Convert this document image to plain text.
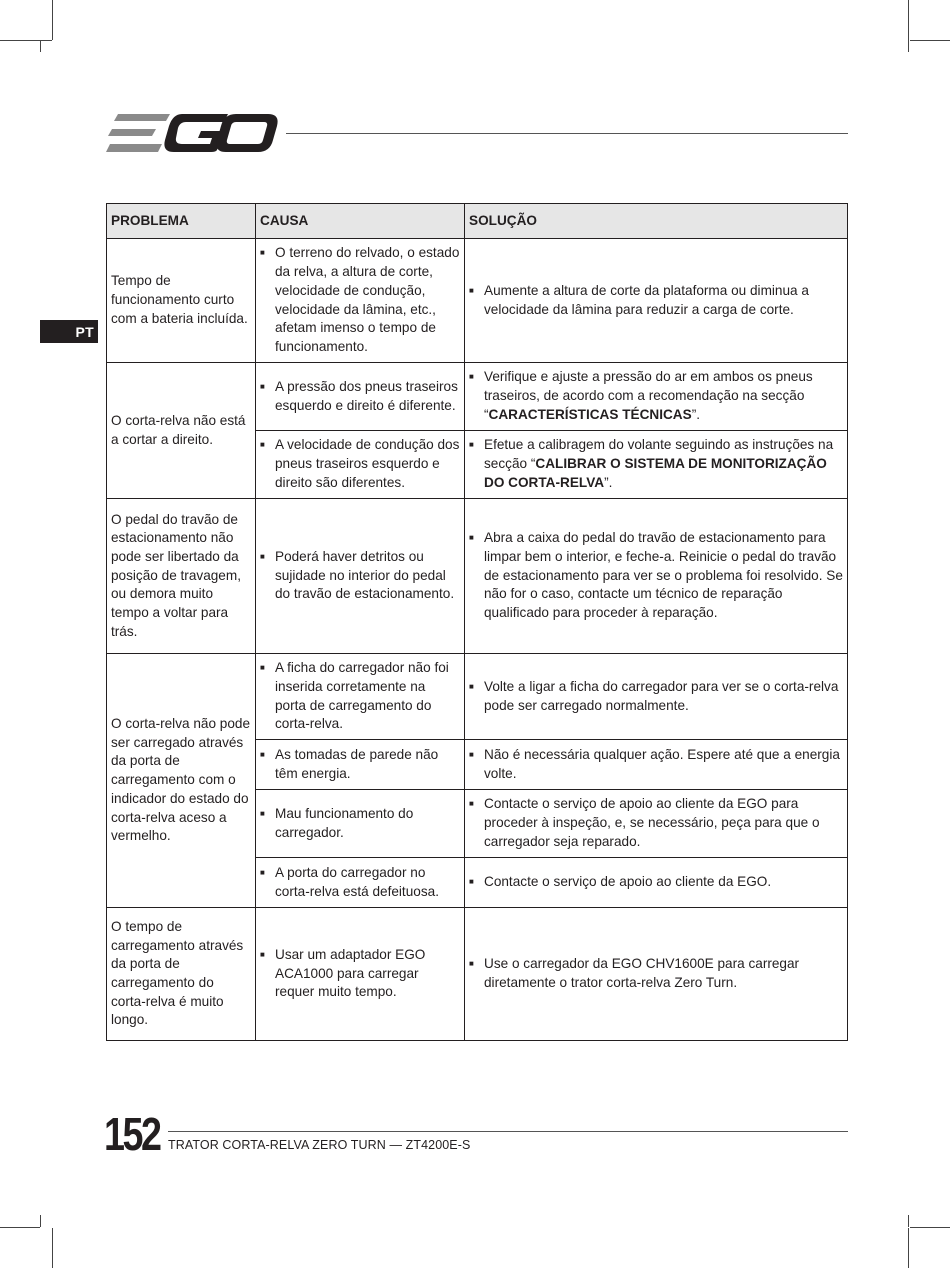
PT
PROBLEMA	CAUSA	SOLUÇÃO
Tempo de funcionamento curto com a bateria incluída.	■ O terreno do relvado, o estado da relva, a altura de corte, velocidade de condução, velocidade da lâmina, etc., afetam imenso o tempo de funcionamento.	■ Aumente a altura de corte da plataforma ou diminua a velocidade da lâmina para reduzir a carga de corte.

O corta-relva não está a cortar a direito.	■ A pressão dos pneus traseiros esquerdo e direito é diferente.	■ Verifique e ajuste a pressão do ar em ambos os pneus traseiros, de acordo com a recomendação na secção “CARACTERÍSTICAS TÉCNICAS”.

	■ A velocidade de condução dos pneus traseiros esquerdo e direito são diferentes.	■ Efetue a calibragem do volante seguindo as instruções na secção “CALIBRAR O SISTEMA DE MONITORIZAÇÃO DO CORTA-RELVA”.

O pedal do travão de estacionamento não pode ser libertado da posição de travagem, ou demora muito tempo a voltar para trás.	■ Poderá haver detritos ou sujidade no interior do pedal do travão de estacionamento.	■ Abra a caixa do pedal do travão de estacionamento para limpar bem o interior, e feche-a. Reinicie o pedal do travão de estacionamento para ver se o problema foi resolvido. Se não for o caso, contacte um técnico de reparação qualificado para proceder à reparação.

O corta-relva não pode ser carregado através da porta de carregamento com o indicador do estado do corta-relva aceso a vermelho.	■ A ficha do carregador não foi inserida corretamente na porta de carregamento do corta-relva.	■ Volte a ligar a ficha do carregador para ver se o corta-relva pode ser carregado normalmente.

	■ As tomadas de parede não têm energia.	■ Não é necessária qualquer ação. Espere até que a energia volte.

	■ Mau funcionamento do carregador.	■ Contacte o serviço de apoio ao cliente da EGO para proceder à inspeção, e, se necessário, peça para que o carregador seja reparado.

	■ A porta do carregador no corta-relva está defeituosa.	■ Contacte o serviço de apoio ao cliente da EGO.

O tempo de carregamento através da porta de carregamento do corta-relva é muito longo.	■ Usar um adaptador EGO ACA1000 para carregar requer muito tempo.	■ Use o carregador da EGO CHV1600E para carregar diretamente o trator corta-relva Zero Turn.
152 TRATOR CORTA-RELVA ZERO TURN — ZT4200E-S
